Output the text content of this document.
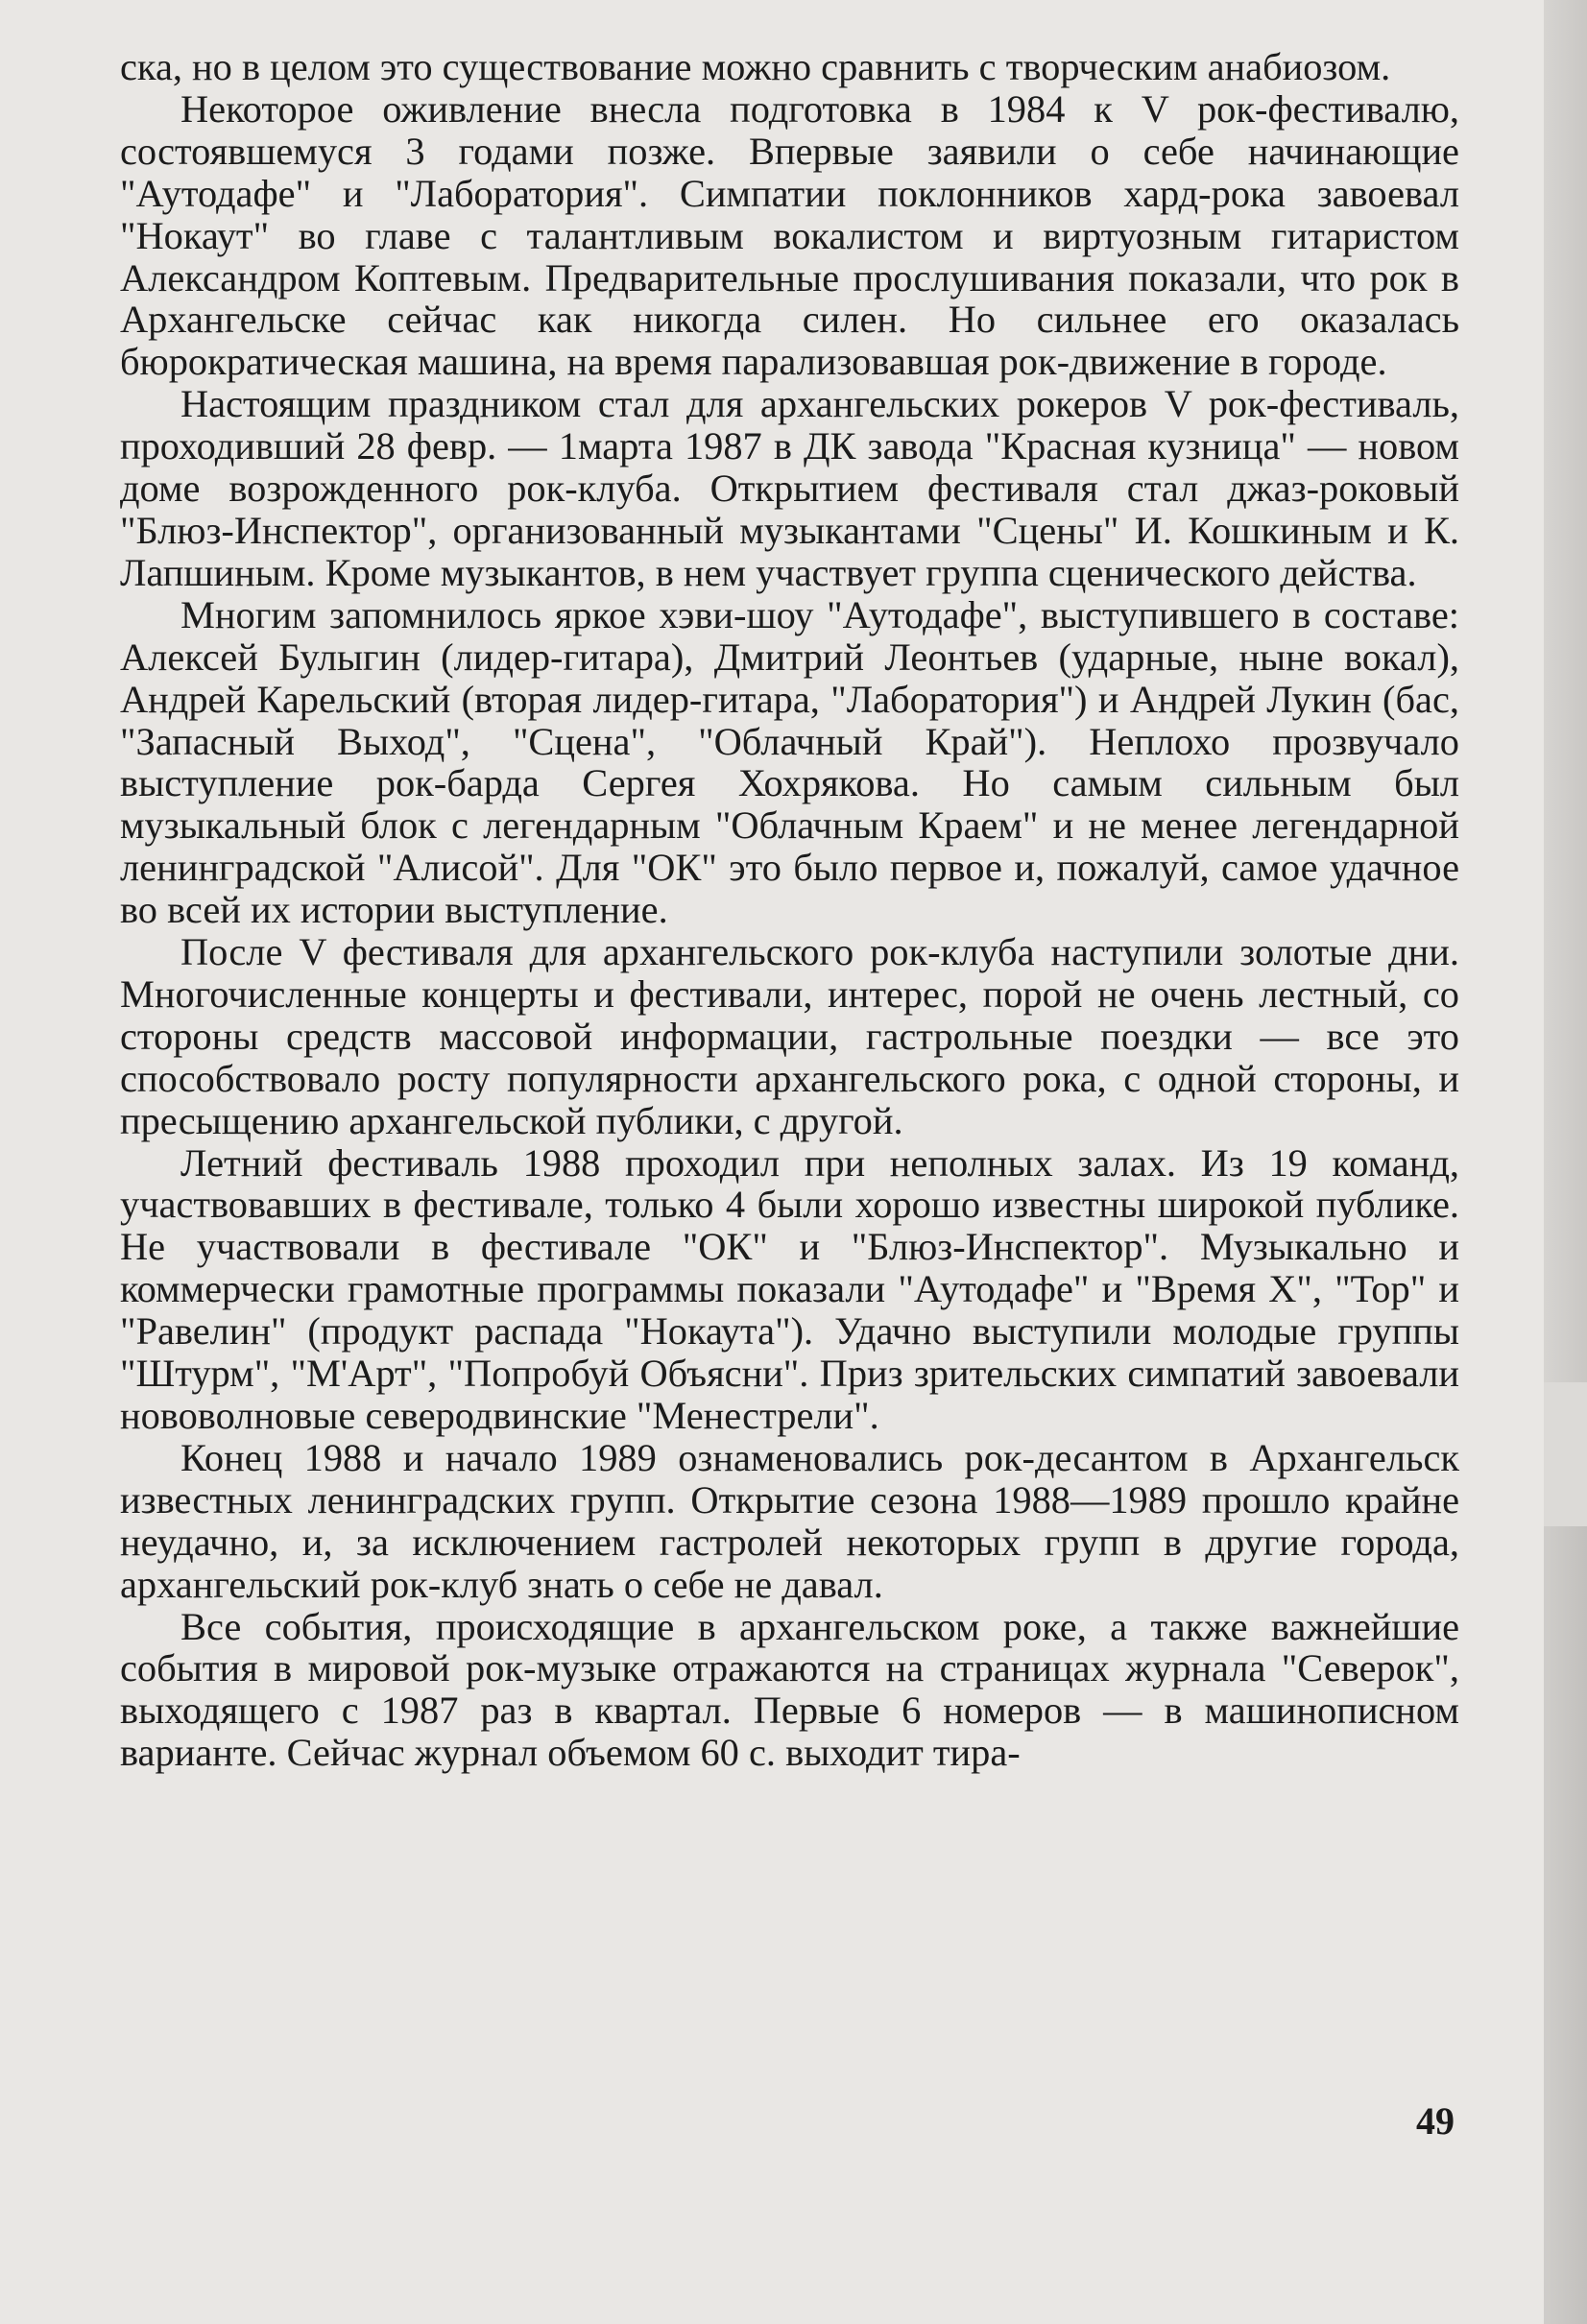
ска, но в целом это существование можно сравнить с творческим анабиозом.

Некоторое оживление внесла подготовка в 1984 к V рок-фестивалю, состоявшемуся 3 годами позже. Впервые заявили о себе начинающие "Аутодафе" и "Лаборатория". Симпатии поклонников хард-рока завоевал "Нокаут" во главе с талантливым вокалистом и виртуозным гитаристом Александром Коптевым. Предварительные прослушивания показали, что рок в Архангельске сейчас как никогда силен. Но сильнее его оказалась бюрократическая машина, на время парализовавшая рок-движение в городе.

Настоящим праздником стал для архангельских рокеров V рок-фестиваль, проходивший 28 февр. — 1марта 1987 в ДК завода "Красная кузница" — новом доме возрожденного рок-клуба. Открытием фестиваля стал джаз-роковый "Блюз-Инспектор", организованный музыкантами "Сцены" И. Кошкиным и К. Лапшиным. Кроме музыкантов, в нем участвует группа сценического действа.

Многим запомнилось яркое хэви-шоу "Аутодафе", выступившего в составе: Алексей Булыгин (лидер-гитара), Дмитрий Леонтьев (ударные, ныне вокал), Андрей Карельский (вторая лидер-гитара, "Лаборатория") и Андрей Лукин (бас, "Запасный Выход", "Сцена", "Облачный Край"). Неплохо прозвучало выступление рок-барда Сергея Хохрякова. Но самым сильным был музыкальный блок с легендарным "Облачным Краем" и не менее легендарной ленинградской "Алисой". Для "ОК" это было первое и, пожалуй, самое удачное во всей их истории выступление.

После V фестиваля для архангельского рок-клуба наступили золотые дни. Многочисленные концерты и фестивали, интерес, порой не очень лестный, со стороны средств массовой информации, гастрольные поездки — все это способствовало росту популярности архангельского рока, с одной стороны, и пресыщению архангельской публики, с другой.

Летний фестиваль 1988 проходил при неполных залах. Из 19 команд, участвовавших в фестивале, только 4 были хорошо известны широкой публике. Не участвовали в фестивале "ОК" и "Блюз-Инспектор". Музыкально и коммерчески грамотные программы показали "Аутодафе" и "Время X", "Тор" и "Равелин" (продукт распада "Нокаута"). Удачно выступили молодые группы "Штурм", "М'Арт", "Попробуй Объясни". Приз зрительских симпатий завоевали нововолновые северодвинские "Менестрели".

Конец 1988 и начало 1989 ознаменовались рок-десантом в Архангельск известных ленинградских групп. Открытие сезона 1988—1989 прошло крайне неудачно, и, за исключением гастролей некоторых групп в другие города, архангельский рок-клуб знать о себе не давал.

Все события, происходящие в архангельском роке, а также важнейшие события в мировой рок-музыке отражаются на страницах журнала "Северок", выходящего с 1987 раз в квартал. Первые 6 номеров — в машинописном варианте. Сейчас журнал объемом 60 с. выходит тира-

49
